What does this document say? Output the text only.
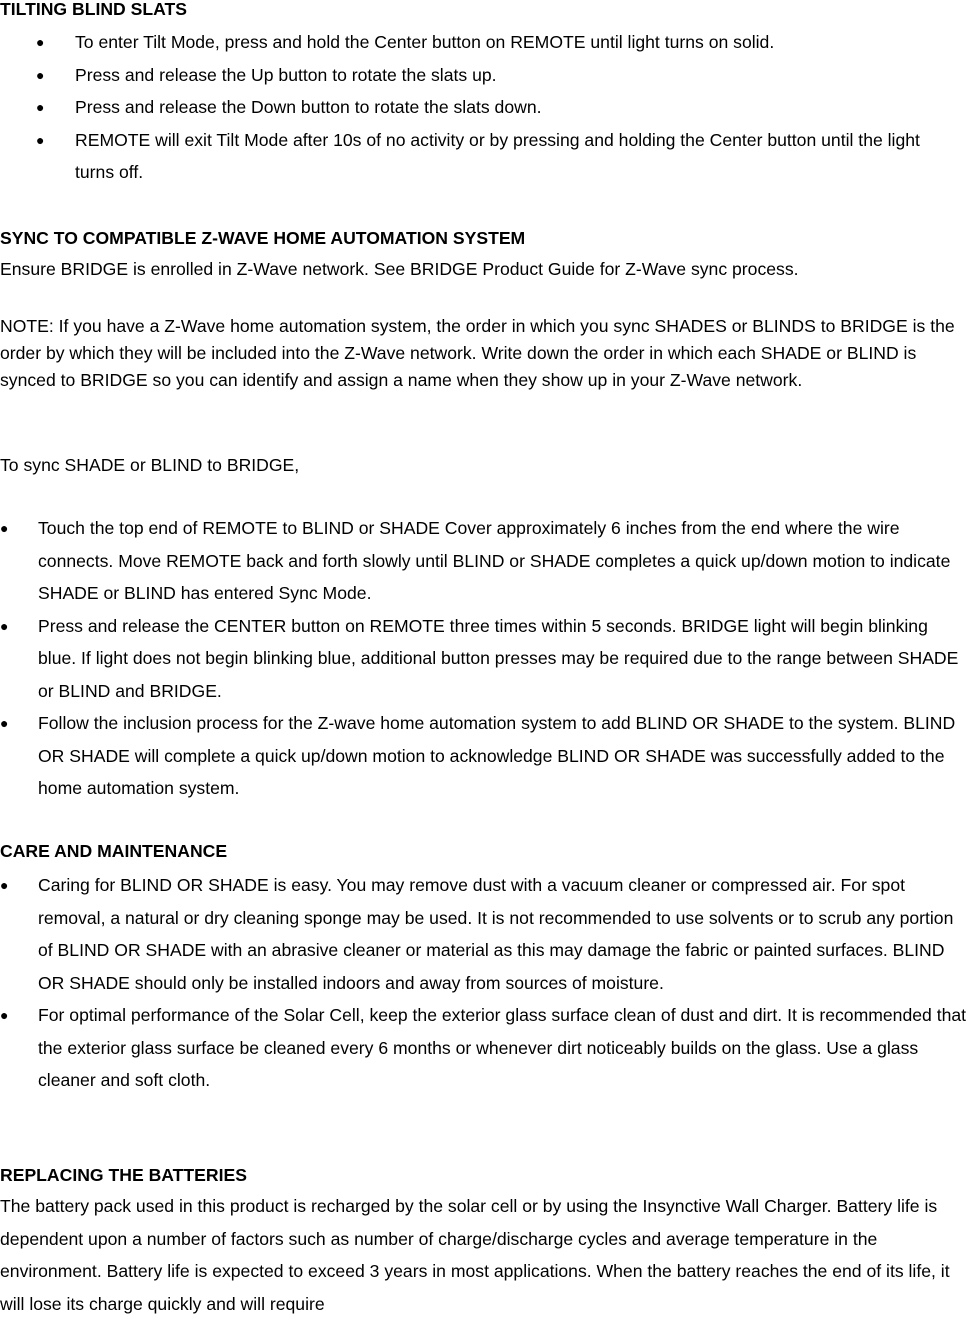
TILTING BLIND SLATS
● To enter Tilt Mode, press and hold the Center button on REMOTE until light turns on solid.
● Press and release the Up button to rotate the slats up.
● Press and release the Down button to rotate the slats down.
● REMOTE will exit Tilt Mode after 10s of no activity or by pressing and holding the Center button until the light turns off.
SYNC TO COMPATIBLE Z-WAVE HOME AUTOMATION SYSTEM
Ensure BRIDGE is enrolled in Z-Wave network. See BRIDGE Product Guide for Z-Wave sync process.
NOTE: If you have a Z-Wave home automation system, the order in which you sync SHADES or BLINDS to BRIDGE is the order by which they will be included into the Z-Wave network. Write down the order in which each SHADE or BLIND is synced to BRIDGE so you can identify and assign a name when they show up in your Z-Wave network.
To sync SHADE or BLIND to BRIDGE,
● Touch the top end of REMOTE to BLIND or SHADE Cover approximately 6 inches from the end where the wire connects. Move REMOTE back and forth slowly until BLIND or SHADE completes a quick up/down motion to indicate SHADE or BLIND has entered Sync Mode.
● Press and release the CENTER button on REMOTE three times within 5 seconds. BRIDGE light will begin blinking blue. If light does not begin blinking blue, additional button presses may be required due to the range between SHADE or BLIND and BRIDGE.
● Follow the inclusion process for the Z-wave home automation system to add BLIND OR SHADE to the system. BLIND OR SHADE will complete a quick up/down motion to acknowledge BLIND OR SHADE was successfully added to the home automation system.
CARE AND MAINTENANCE
● Caring for BLIND OR SHADE is easy. You may remove dust with a vacuum cleaner or compressed air. For spot removal, a natural or dry cleaning sponge may be used. It is not recommended to use solvents or to scrub any portion of BLIND OR SHADE with an abrasive cleaner or material as this may damage the fabric or painted surfaces. BLIND OR SHADE should only be installed indoors and away from sources of moisture.
● For optimal performance of the Solar Cell, keep the exterior glass surface clean of dust and dirt. It is recommended that the exterior glass surface be cleaned every 6 months or whenever dirt noticeably builds on the glass. Use a glass cleaner and soft cloth.
REPLACING THE BATTERIES
The battery pack used in this product is recharged by the solar cell or by using the Insynctive Wall Charger. Battery life is dependent upon a number of factors such as number of charge/discharge cycles and average temperature in the environment. Battery life is expected to exceed 3 years in most applications. When the battery reaches the end of its life, it will lose its charge quickly and will require
